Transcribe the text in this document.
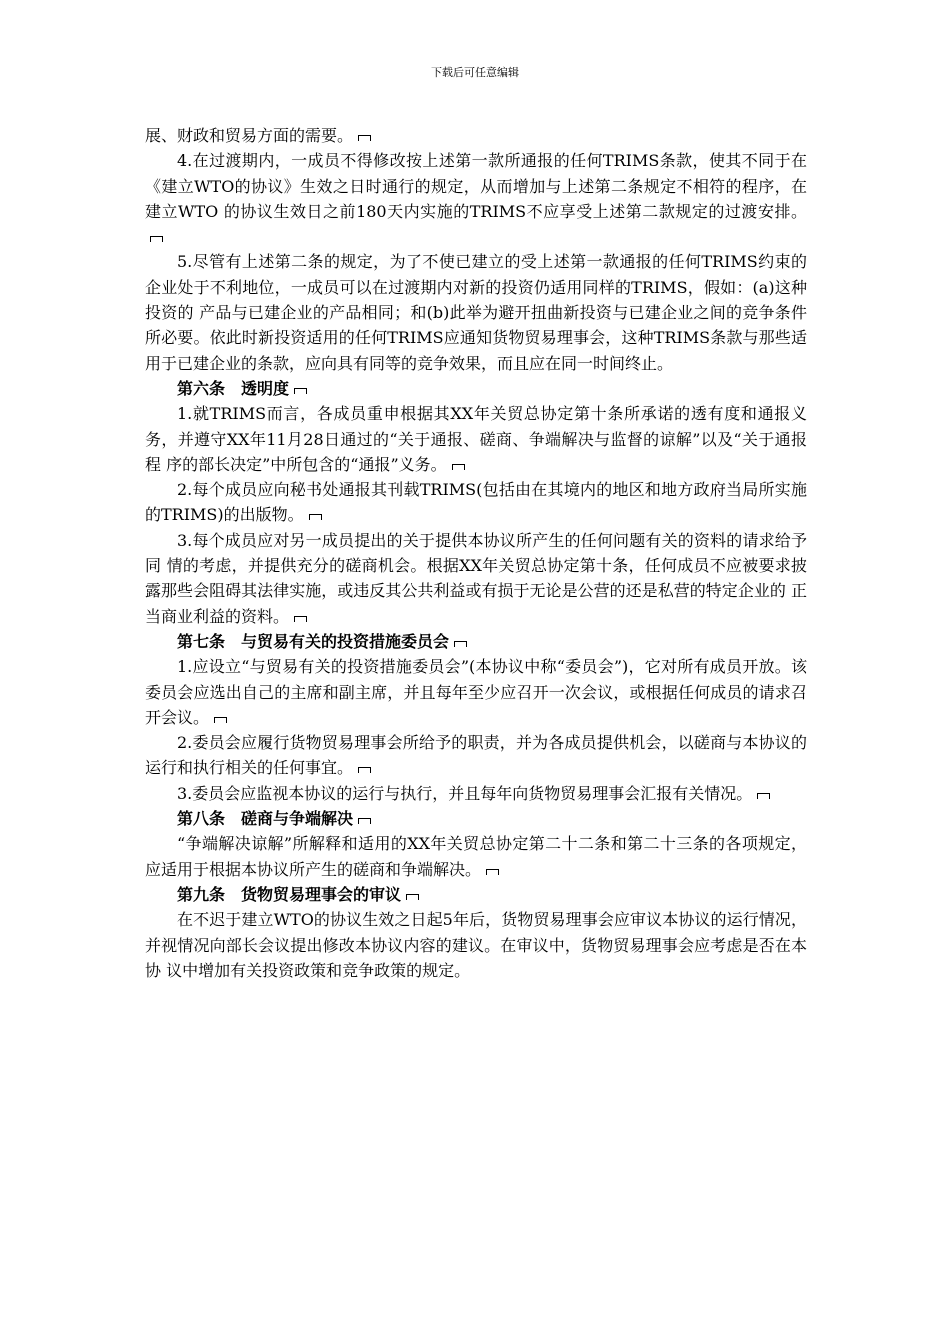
下载后可任意编辑

展、财政和贸易方面的需要。

4.在过渡期内，一成员不得修改按上述第一款所通报的任何TRIMS条款，使其不同于在《建立WTO的协议》生效之日时通行的规定，从而增加与上述第二条规定不相符的程序，在建立WTO 的协议生效日之前180天内实施的TRIMS不应享受上述第二款规定的过渡安排。

5.尽管有上述第二条的规定，为了不使已建立的受上述第一款通报的任何TRIMS约束的企业处于不利地位，一成员可以在过渡期内对新的投资仍适用同样的TRIMS，假如：(a)这种投资的 产品与已建企业的产品相同；和(b)此举为避开扭曲新投资与已建企业之间的竞争条件所必要。依此时新投资适用的任何TRIMS应通知货物贸易理事会，这种TRIMS条款与那些适用于已建企业的条款，应向具有同等的竞争效果，而且应在同一时间终止。

第六条　透明度

1.就TRIMS而言，各成员重申根据其XX年关贸总协定第十条所承诺的透有度和通报义务，并遵守XX年11月28日通过的“关于通报、磋商、争端解决与监督的谅解”以及“关于通报程 序的部长决定”中所包含的“通报”义务。

2.每个成员应向秘书处通报其刊载TRIMS(包括由在其境内的地区和地方政府当局所实施的TRIMS)的出版物。

3.每个成员应对另一成员提出的关于提供本协议所产生的任何问题有关的资料的请求给予同 情的考虑，并提供充分的磋商机会。根据XX年关贸总协定第十条，任何成员不应被要求披 露那些会阻碍其法律实施，或违反其公共利益或有损于无论是公营的还是私营的特定企业的 正当商业利益的资料。

第七条　与贸易有关的投资措施委员会

1.应设立“与贸易有关的投资措施委员会”(本协议中称“委员会”)，它对所有成员开放。该委员会应选出自己的主席和副主席，并且每年至少应召开一次会议，或根据任何成员的请求召开会议。

2.委员会应履行货物贸易理事会所给予的职责，并为各成员提供机会，以磋商与本协议的运行和执行相关的任何事宜。

3.委员会应监视本协议的运行与执行，并且每年向货物贸易理事会汇报有关情况。

第八条　磋商与争端解决

“争端解决谅解”所解释和适用的XX年关贸总协定第二十二条和第二十三条的各项规定，应适用于根据本协议所产生的磋商和争端解决。

第九条　货物贸易理事会的审议

在不迟于建立WTO的协议生效之日起5年后，货物贸易理事会应审议本协议的运行情况，并视情况向部长会议提出修改本协议内容的建议。在审议中，货物贸易理事会应考虑是否在本协 议中增加有关投资政策和竞争政策的规定。
